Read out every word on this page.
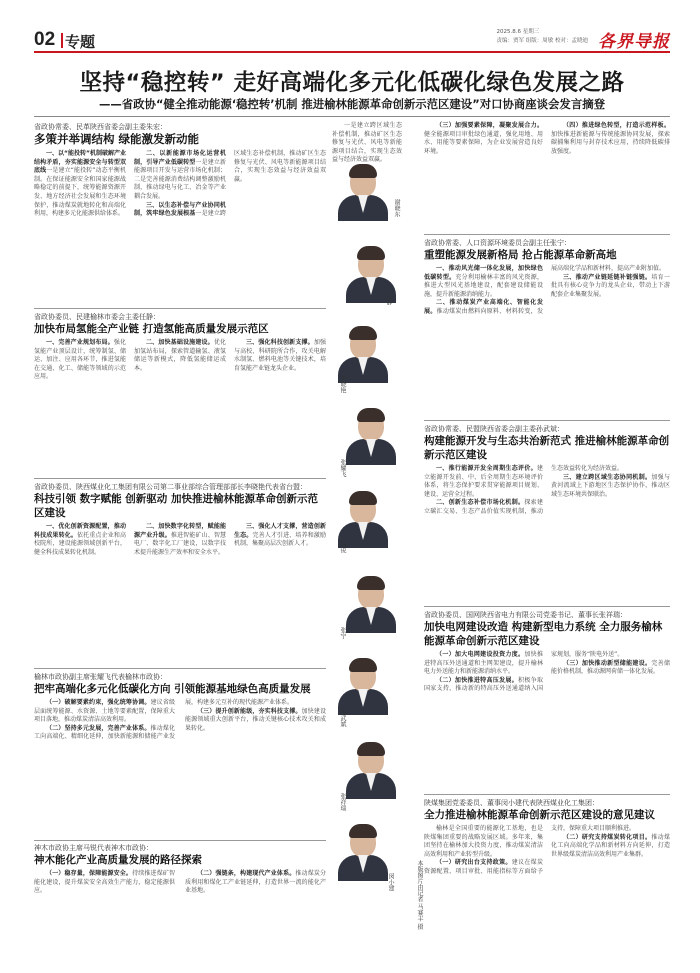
02 专题
2025.8.6 星期三
责编：贾军 组版：周敏 校对：孟晓迪 各界导报
坚持“稳控转” 走好高端化多元化低碳化绿色发展之路
——省政协“健全推动能源‘稳控转’机制 推进榆林能源革命创新示范区建设”对口协商座谈会发言摘登
省政协常委、民革陕西省委会副主委朱宏：
多策并举调结构 绿能激发新动能

一、以“能投转”机制破解产业结构矛盾，夯实能源安全与转型双底线一是建立“能投转”动态平衡机制。在保证能源安全和国家能源战略稳定的前提下，统筹能源资源开发、地方经济社会发展和生态环境保护，推动煤炭就地转化和高端化利用，构建多元化能源供给体系。

二、以新能源市场化运营机制，引导产业低碳转型一是建立新能源项目开发与运营市场化机制；二是完善能源消费结构调整激励机制，推动绿电与化工、冶金等产业耦合发展。

三、以生态补偿与产业协同机制，筑牢绿色发展根基一是建立跨区域生态补偿机制，推动矿区生态修复与光伏、风电等新能源项目结合，实现生态效益与经济效益双赢。

省政协委员、民建榆林市委会主委任静：
加快布局氢能全产业链 打造氢能高质量发展示范区

一、完善产业规划布局。强化氢能产业顶层设计，统筹制氢、储运、加注、应用各环节，推进氢能在交通、化工、储能等领域的示范应用。

二、加快基础设施建设。优化加氢站布局，探索管道输氢、液氢储运等新模式，降低氢能储运成本。

三、强化科技创新支撑。加强与高校、科研院所合作，攻关电解水制氢、燃料电池等关键技术，培育氢能产业链龙头企业。

省政协委员、陕西煤业化工集团有限公司第二事业部综合管理部部长李晓艳代表省台盟：
科技引领 数字赋能 创新驱动 加快推进榆林能源革命创新示范区建设

一、优化创新资源配置，推动科技成果转化。依托重点企业和高校院所，建设能源领域创新平台，健全科技成果转化机制。

二、加快数字化转型，赋能能源产业升级。推进智能矿山、智慧电厂、数字化工厂建设，以数字技术提升能源生产效率和安全水平。

三、强化人才支撑，营造创新生态。完善人才引进、培养和激励机制，集聚高层次创新人才。

榆林市政协副主席张耀飞代表榆林市政协：
把牢高端化多元化低碳化方向 引领能源基地绿色高质量发展

（一）破解要素约束，强化统筹协调。建议省级层面统筹能源、水资源、土地等要素配置，保障重大项目落地，推动煤炭清洁高效利用。

（二）坚持多元发展，完善产业体系。推动煤化工向高端化、精细化延伸，加快新能源和储能产业发展，构建多元互补的现代能源产业体系。

（三）提升创新能级，夯实科技支撑。加快建设能源领域重大创新平台，推动关键核心技术攻关和成果转化。

神木市政协主席马锐代表神木市政协：
神木能化产业高质量发展的路径探索

（一）稳存量，保障能源安全。持续推进煤矿智能化建设，提升煤炭安全高效生产能力，稳定能源供应。

（二）强链条，构建现代产业体系。推动煤炭分质利用和煤化工产业链延伸，打造世界一流的能化产业基地。

一是建立跨区域生态补偿机制，推动矿区生态修复与光伏、风电等新能源项目结合，实现生态效益与经济效益双赢。

谢晓东
任静
李晓艳
张耀飞
马锐
张宁
孙武斌
张祥瑞
闵小建	本版图片由记者 马赛丰 摄

（三）加强要素保障，凝聚发展合力。健全能源项目审批绿色通道，强化用地、用水、用能等要素保障，为企业发展营造良好环境。

（四）推进绿色转型，打造示范样板。加快推进新能源与传统能源协同发展，探索碳捕集利用与封存技术应用，持续降低碳排放强度。

省政协常委、人口资源环境委员会副主任张宁：
重塑能源发展新格局 抢占能源革命新高地

一、推动风光储一体化发展，加快绿色低碳转型。充分利用榆林丰富的风光资源，推进大型风光基地建设，配套建设储能设施，提升新能源消纳能力。

二、推动煤炭产业高端化、智能化发展。推动煤炭由燃料向原料、材料转变，发展高端化学品和新材料，提高产业附加值。

三、推动产业链延链补链强链。培育一批具有核心竞争力的龙头企业，带动上下游配套企业集聚发展。

省政协常委、民盟陕西省委会副主委孙武斌：
构建能源开发与生态共治新范式 推进榆林能源革命创新示范区建设

一、推行能源开发全周期生态评价。建立能源开发前、中、后全周期生态环境评价体系，将生态保护要求贯穿能源项目规划、建设、运营全过程。

二、创新生态补偿市场化机制。探索建立碳汇交易、生态产品价值实现机制，推动生态效益转化为经济效益。

三、建立跨区域生态协同机制。加强与黄河流域上下游地区生态保护协作，推动区域生态环境共保联治。

省政协委员、国网陕西省电力有限公司党委书记、董事长张祥瑞：
加快电网建设改造 构建新型电力系统 全力服务榆林能源革命创新示范区建设

（一）加大电网建设投资力度。加快推进特高压外送通道和主网架建设，提升榆林电力外送能力和新能源消纳水平。

（二）加快推进特高压发展。积极争取国家支持，推动新的特高压外送通道纳入国家规划，服务“陕电外送”。

（三）加快推动新型储能建设。完善储能价格机制，推动源网荷储一体化发展。

陕煤集团党委委员、董事闵小建代表陕西煤业化工集团：
全力推进榆林能源革命创新示范区建设的意见建议

榆林是全国重要的能源化工基地，也是陕煤集团重要的战略发展区域。多年来，集团坚持在榆林加大投资力度，推动煤炭清洁高效利用和产业转型升级。

（一）研究出台支持政策。建议在煤炭资源配置、项目审批、用能指标等方面给予支持，保障重大项目顺利推进。

（二）研究支持煤炭转化项目。推动煤化工向高端化学品和新材料方向延伸，打造世界级煤炭清洁高效利用产业集群。
